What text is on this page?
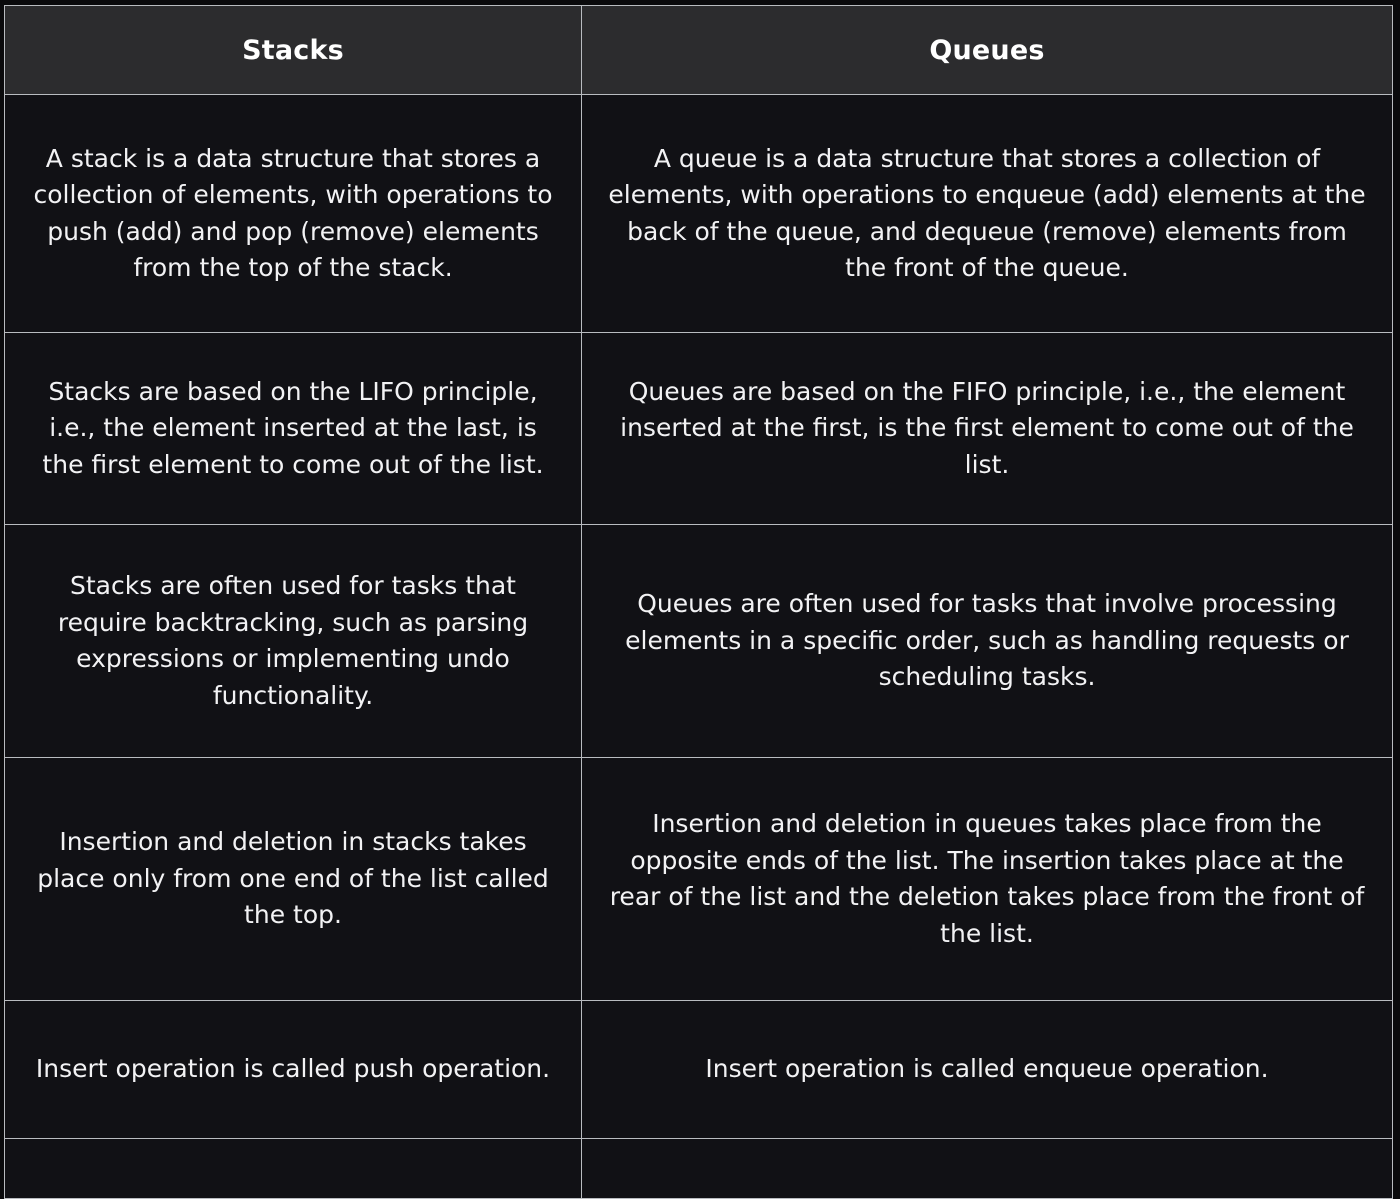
Stacks	Queues
A stack is a data structure that stores a collection of elements, with operations to push (add) and pop (remove) elements from the top of the stack.	A queue is a data structure that stores a collection of elements, with operations to enqueue (add) elements at the back of the queue, and dequeue (remove) elements from the front of the queue.
Stacks are based on the LIFO principle, i.e., the element inserted at the last, is the first element to come out of the list.	Queues are based on the FIFO principle, i.e., the element inserted at the first, is the first element to come out of the list.
Stacks are often used for tasks that require backtracking, such as parsing expressions or implementing undo functionality.	Queues are often used for tasks that involve processing elements in a specific order, such as handling requests or scheduling tasks.
Insertion and deletion in stacks takes place only from one end of the list called the top.	Insertion and deletion in queues takes place from the opposite ends of the list. The insertion takes place at the rear of the list and the deletion takes place from the front of the list.
Insert operation is called push operation.	Insert operation is called enqueue operation.
